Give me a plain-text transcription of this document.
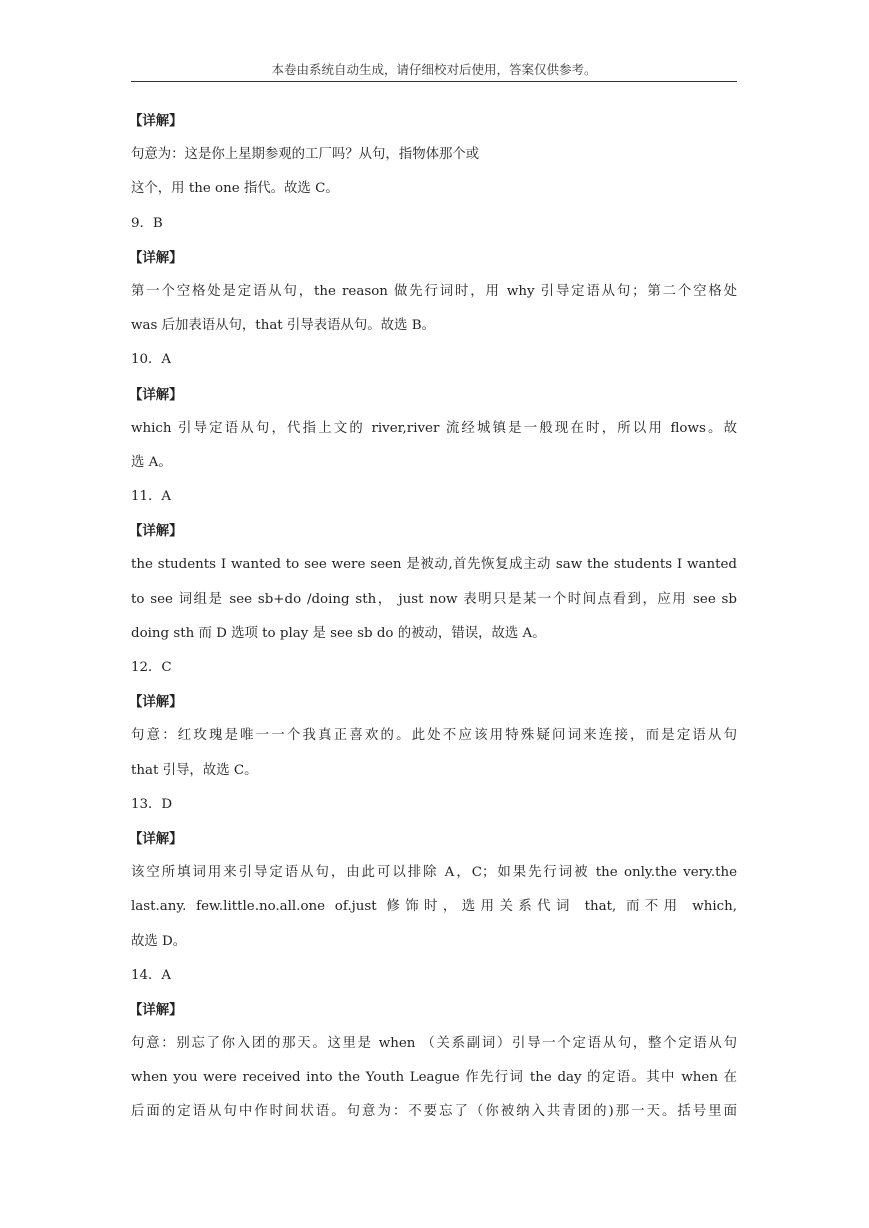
本卷由系统自动生成，请仔细校对后使用，答案仅供参考。
【详解】
句意为：这是你上星期参观的工厂吗？从句，指物体那个或
这个，用 the one 指代。故选 C。
9．B
【详解】
第一个空格处是定语从句，the reason 做先行词时，用 why 引导定语从句；第二个空格处
was 后加表语从句，that 引导表语从句。故选 B。
10．A
【详解】
which 引导定语从句，代指上文的 river,river 流经城镇是一般现在时，所以用 flows。故
选 A。
11．A
【详解】
the students I wanted to see were seen 是被动,首先恢复成主动 saw the students I wanted
to see 词组是 see sb+do /doing sth， just now 表明只是某一个时间点看到，应用 see sb
doing sth 而 D 选项 to play 是 see sb do 的被动，错误，故选 A。
12．C
【详解】
句意：红玫瑰是唯一一个我真正喜欢的。此处不应该用特殊疑问词来连接，而是定语从句
that 引导，故选 C。
13．D
【详解】
该空所填词用来引导定语从句，由此可以排除 A，C；如果先行词被 the only.the very.the
last.any. few.little.no.all.one of.just 修饰时，选用关系代词 that, 而不用 which,
故选 D。
14．A
【详解】
句意：别忘了你入团的那天。这里是 when （关系副词）引导一个定语从句，整个定语从句
when you were received into the Youth League 作先行词 the day 的定语。其中 when 在
后面的定语从句中作时间状语。句意为：不要忘了（你被纳入共青团的)那一天。括号里面
